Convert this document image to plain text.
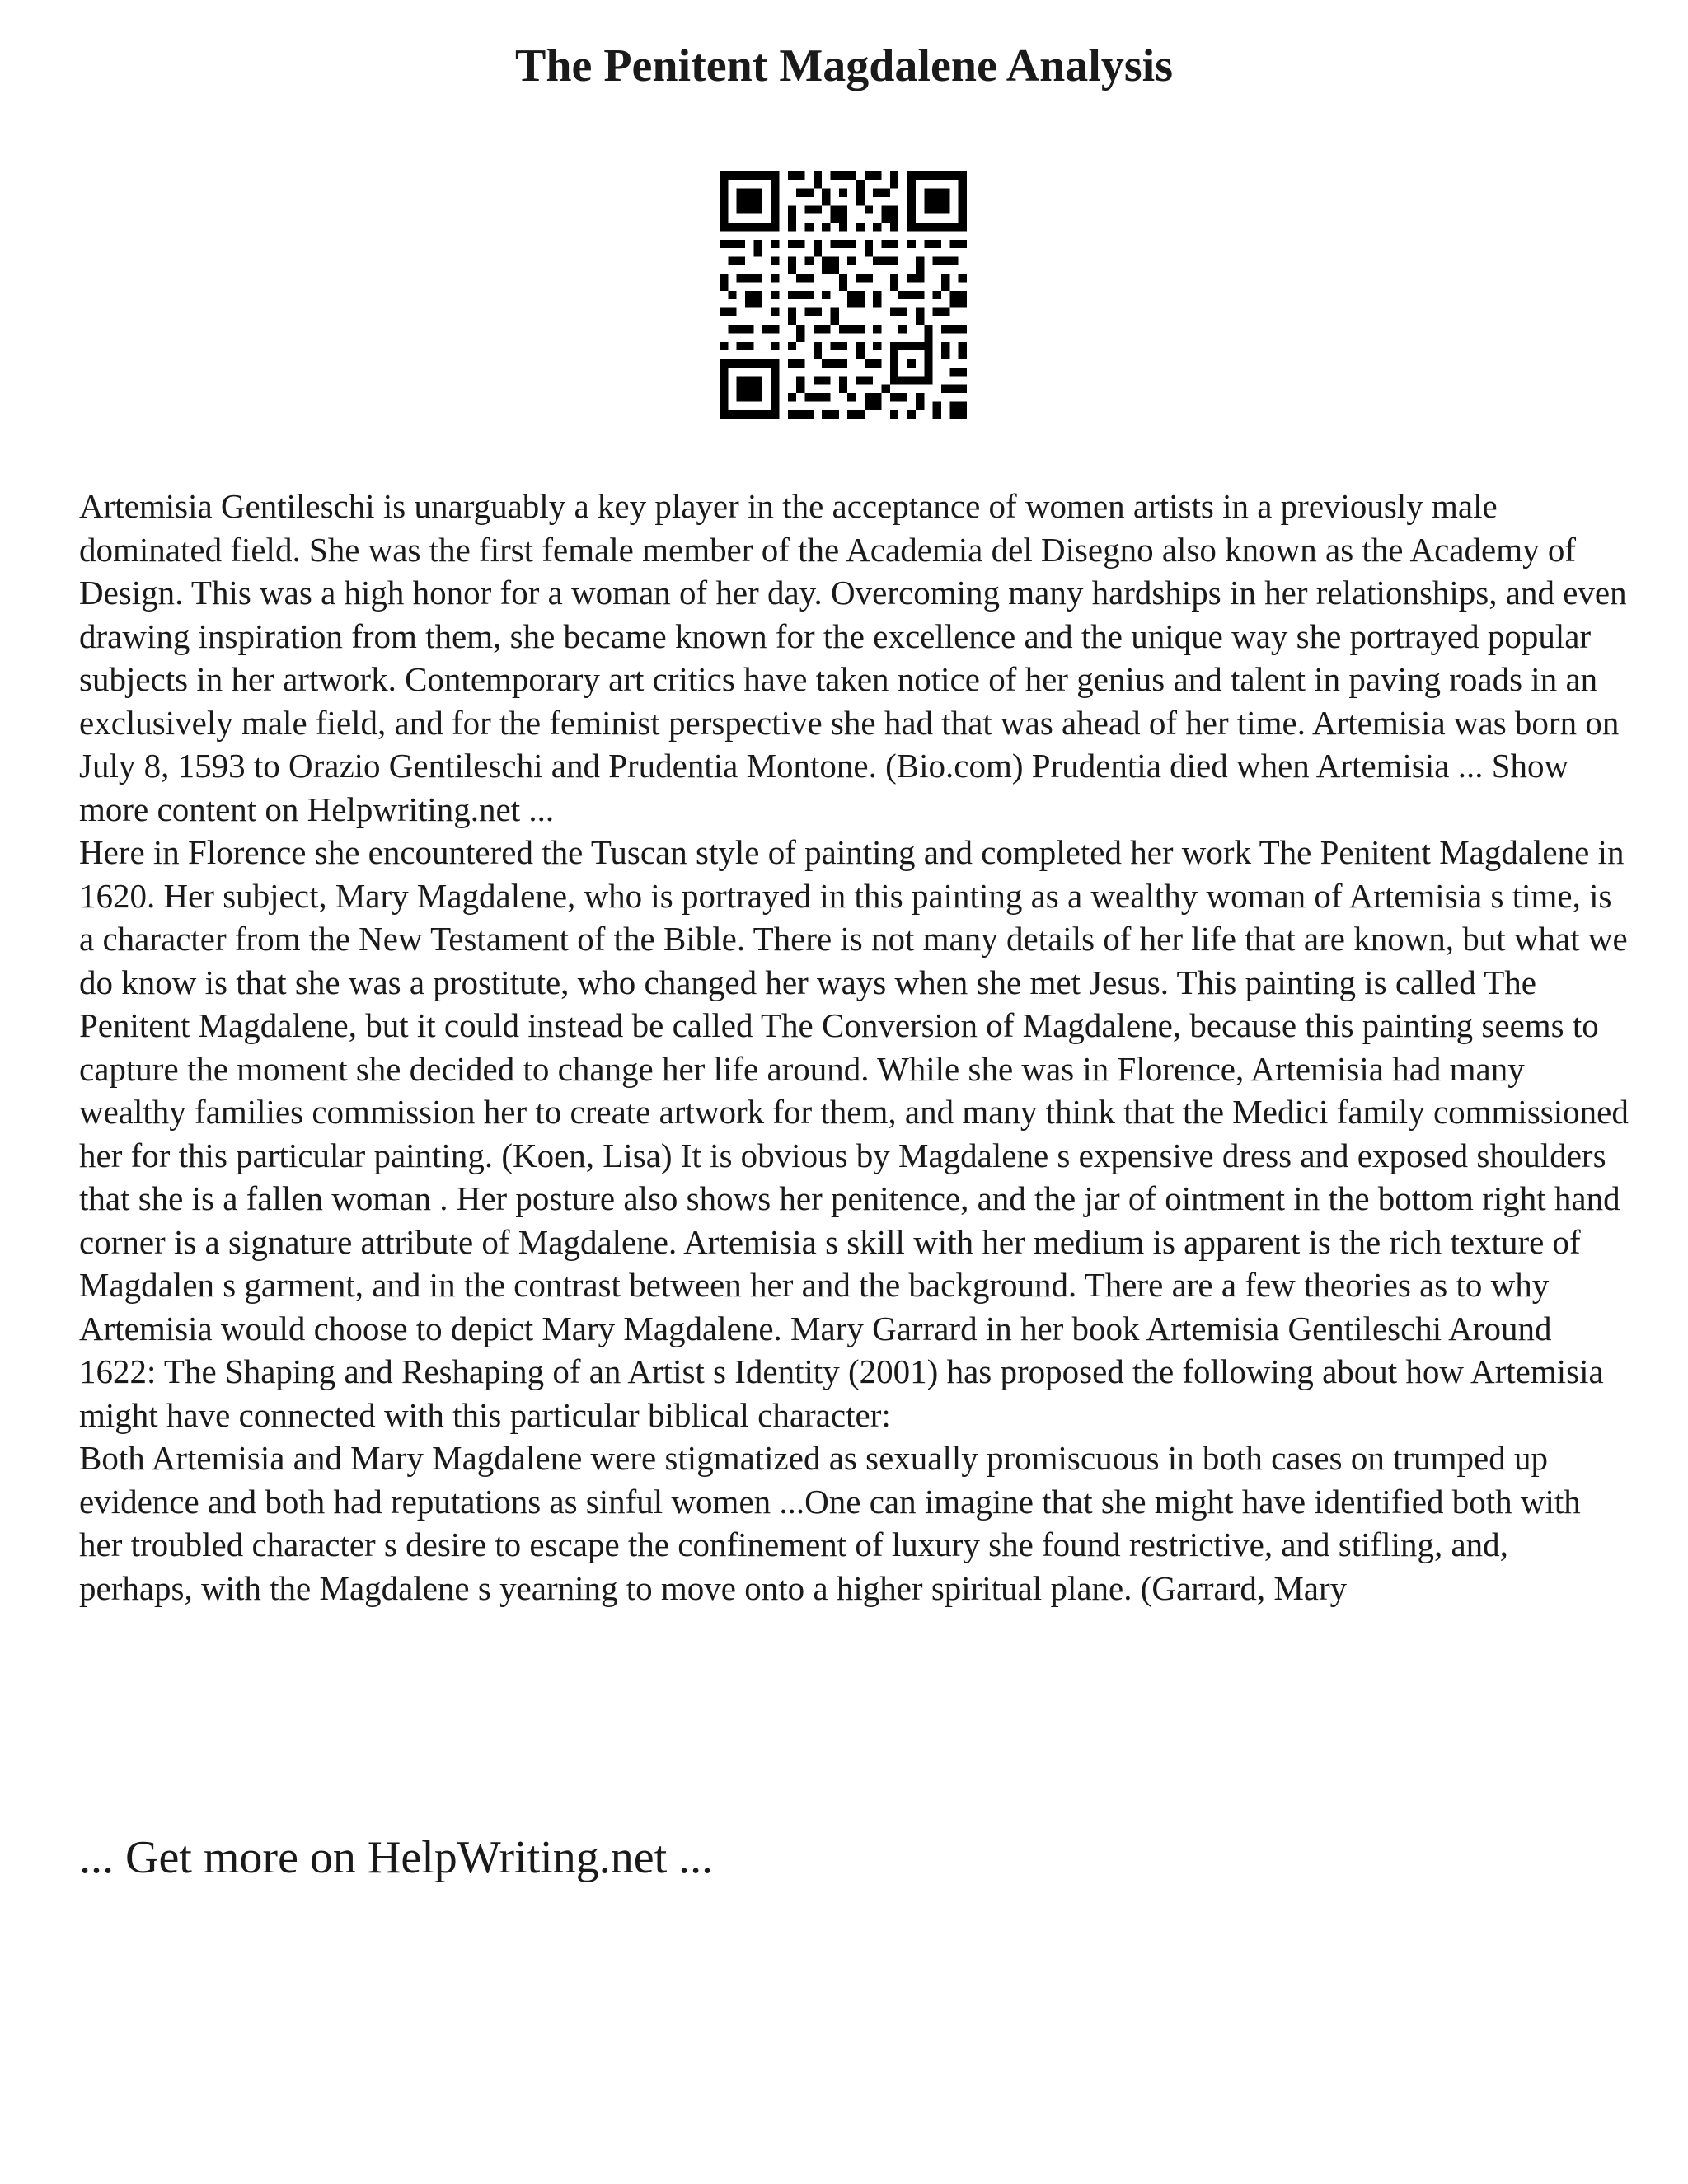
The Penitent Magdalene Analysis

Artemisia Gentileschi is unarguably a key player in the acceptance of women artists in a previously male dominated field. She was the first female member of the Academia del Disegno also known as the Academy of Design. This was a high honor for a woman of her day. Overcoming many hardships in her relationships, and even drawing inspiration from them, she became known for the excellence and the unique way she portrayed popular subjects in her artwork. Contemporary art critics have taken notice of her genius and talent in paving roads in an exclusively male field, and for the feminist perspective she had that was ahead of her time. Artemisia was born on July 8, 1593 to Orazio Gentileschi and Prudentia Montone. (Bio.com) Prudentia died when Artemisia ... Show more content on Helpwriting.net ...

Here in Florence she encountered the Tuscan style of painting and completed her work The Penitent Magdalene in 1620. Her subject, Mary Magdalene, who is portrayed in this painting as a wealthy woman of Artemisia s time, is a character from the New Testament of the Bible. There is not many details of her life that are known, but what we do know is that she was a prostitute, who changed her ways when she met Jesus. This painting is called The Penitent Magdalene, but it could instead be called The Conversion of Magdalene, because this painting seems to capture the moment she decided to change her life around. While she was in Florence, Artemisia had many wealthy families commission her to create artwork for them, and many think that the Medici family commissioned her for this particular painting. (Koen, Lisa) It is obvious by Magdalene s expensive dress and exposed shoulders that she is a fallen woman . Her posture also shows her penitence, and the jar of ointment in the bottom right hand corner is a signature attribute of Magdalene. Artemisia s skill with her medium is apparent is the rich texture of Magdalen s garment, and in the contrast between her and the background. There are a few theories as to why Artemisia would choose to depict Mary Magdalene. Mary Garrard in her book Artemisia Gentileschi Around 1622: The Shaping and Reshaping of an Artist s Identity (2001) has proposed the following about how Artemisia might have connected with this particular biblical character:

Both Artemisia and Mary Magdalene were stigmatized as sexually promiscuous in both cases on trumped up evidence and both had reputations as sinful women ...One can imagine that she might have identified both with her troubled character s desire to escape the confinement of luxury she found restrictive, and stifling, and, perhaps, with the Magdalene s yearning to move onto a higher spiritual plane. (Garrard, Mary

... Get more on HelpWriting.net ...
